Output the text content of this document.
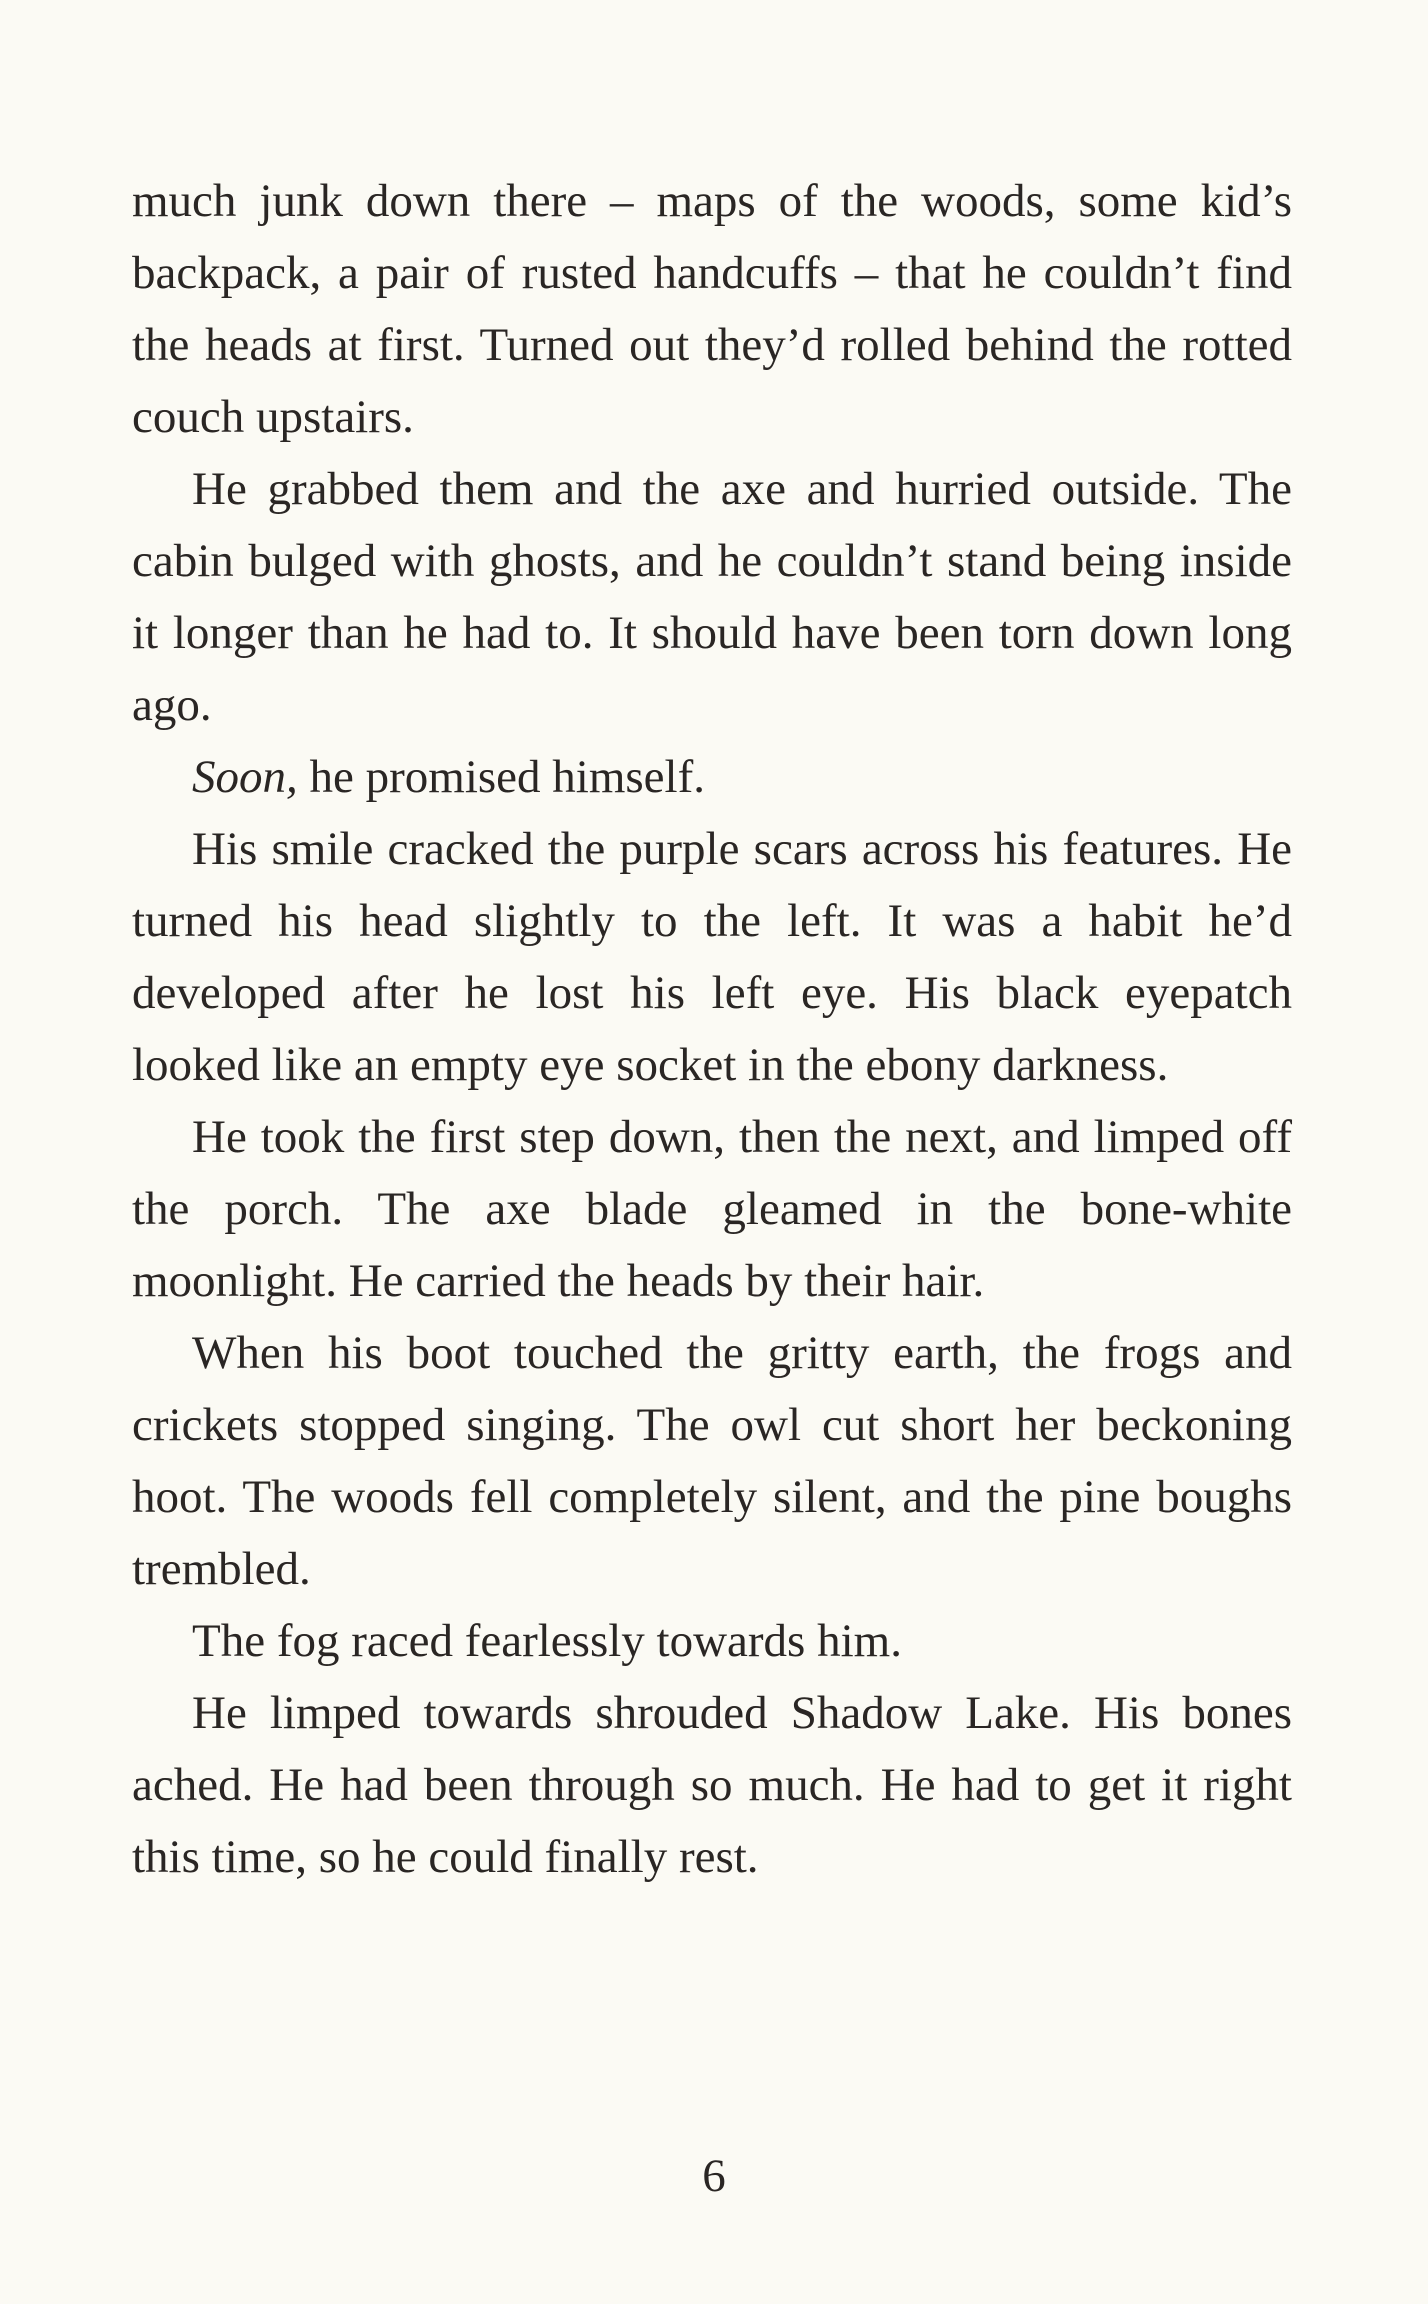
much junk down there – maps of the woods, some kid’s backpack, a pair of rusted handcuffs – that he couldn’t find the heads at first. Turned out they’d rolled behind the rotted couch upstairs.

He grabbed them and the axe and hurried outside. The cabin bulged with ghosts, and he couldn’t stand being inside it longer than he had to. It should have been torn down long ago.

Soon, he promised himself.

His smile cracked the purple scars across his features. He turned his head slightly to the left. It was a habit he’d developed after he lost his left eye. His black eyepatch looked like an empty eye socket in the ebony darkness.

He took the first step down, then the next, and limped off the porch. The axe blade gleamed in the bone-white moonlight. He carried the heads by their hair.

When his boot touched the gritty earth, the frogs and crickets stopped singing. The owl cut short her beckoning hoot. The woods fell completely silent, and the pine boughs trembled.

The fog raced fearlessly towards him.

He limped towards shrouded Shadow Lake. His bones ached. He had been through so much. He had to get it right this time, so he could finally rest.

6
